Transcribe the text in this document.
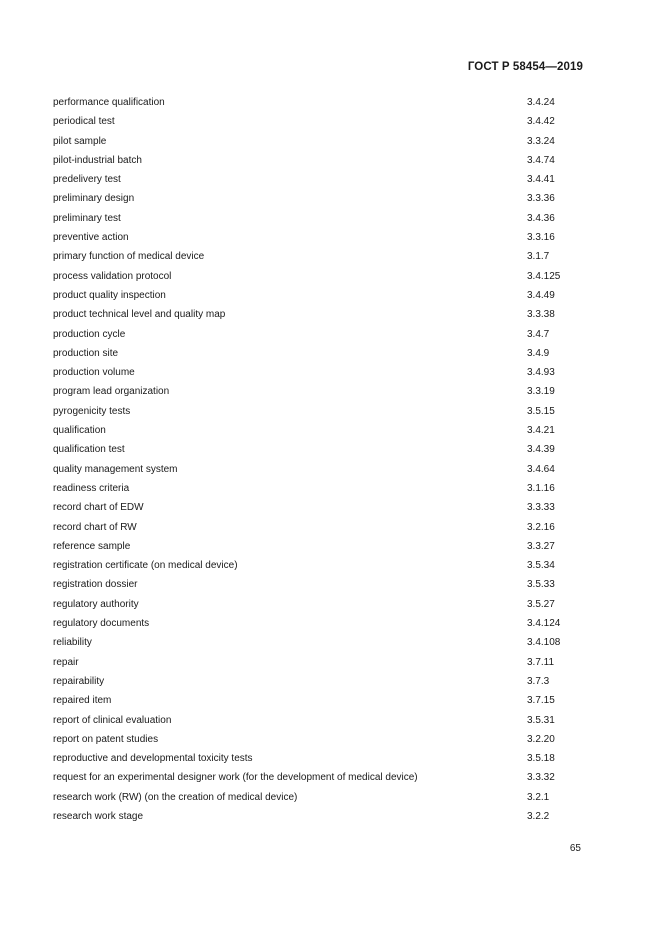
ГОСТ Р 58454—2019
performance qualification	3.4.24
periodical test	3.4.42
pilot sample	3.3.24
pilot-industrial batch	3.4.74
predelivery test	3.4.41
preliminary design	3.3.36
preliminary test	3.4.36
preventive action	3.3.16
primary function of medical device	3.1.7
process validation protocol	3.4.125
product quality inspection	3.4.49
product technical level and quality map	3.3.38
production cycle	3.4.7
production site	3.4.9
production volume	3.4.93
program lead organization	3.3.19
pyrogenicity tests	3.5.15
qualification	3.4.21
qualification test	3.4.39
quality management system	3.4.64
readiness criteria	3.1.16
record chart of EDW	3.3.33
record chart of RW	3.2.16
reference sample	3.3.27
registration certificate (on medical device)	3.5.34
registration dossier	3.5.33
regulatory authority	3.5.27
regulatory documents	3.4.124
reliability	3.4.108
repair	3.7.11
repairability	3.7.3
repaired item	3.7.15
report of clinical evaluation	3.5.31
report on patent studies	3.2.20
reproductive and developmental toxicity tests	3.5.18
request for an experimental designer work (for the development of medical device)	3.3.32
research work (RW) (on the creation of medical device)	3.2.1
research work stage	3.2.2
65
